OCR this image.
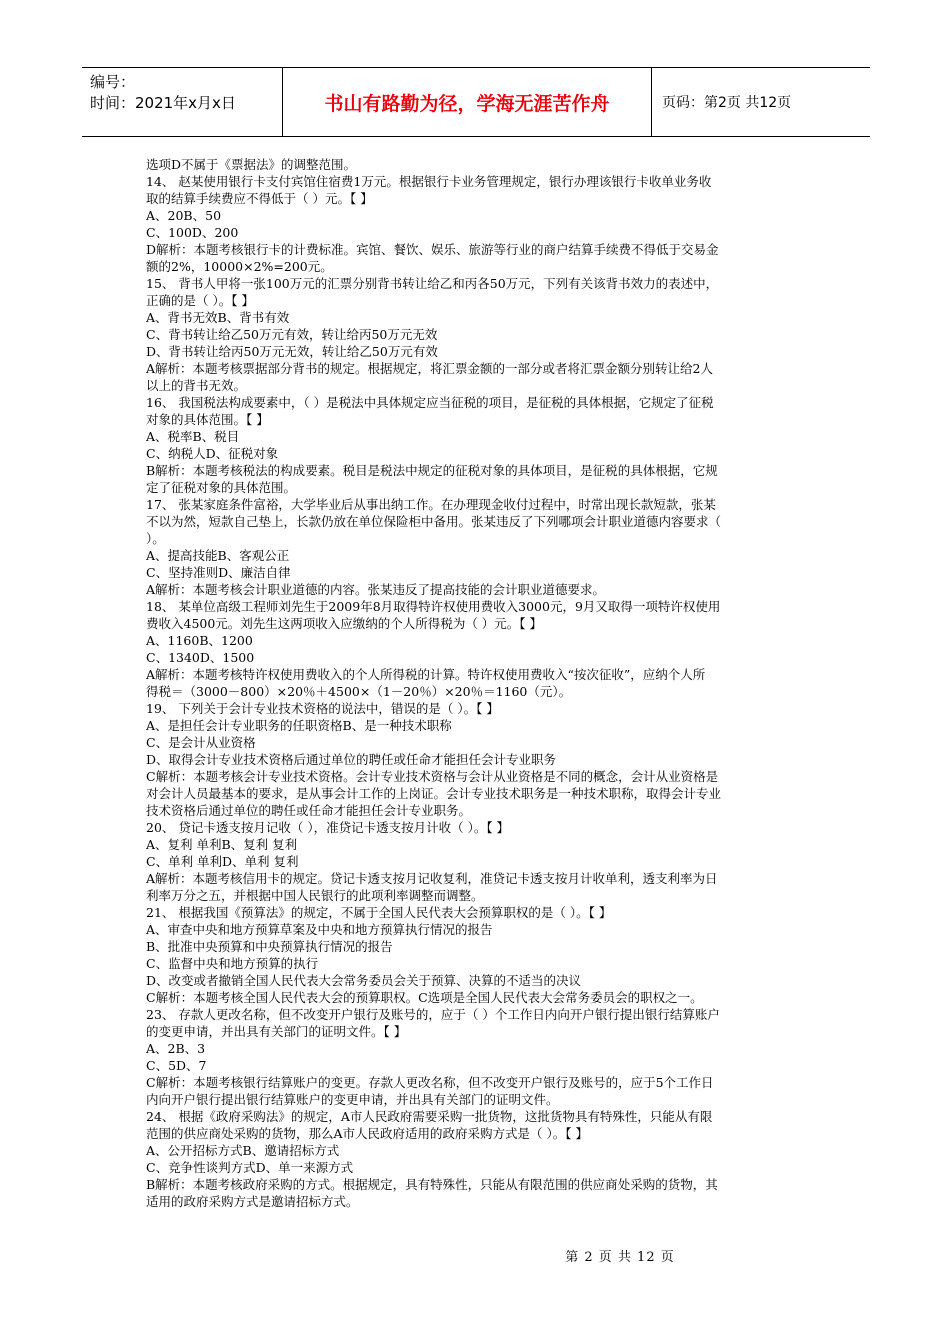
编号：
时间：2021年x月x日	书山有路勤为径，学海无涯苦作舟	页码：第2页 共12页

选项D不属于《票据法》的调整范围。

14、 赵某使用银行卡支付宾馆住宿费1万元。根据银行卡业务管理规定，银行办理该银行卡收单业务收

取的结算手续费应不得低于（ ）元。【 】

A、20B、50

C、100D、200

D解析：本题考核银行卡的计费标准。宾馆、餐饮、娱乐、旅游等行业的商户结算手续费不得低于交易金

额的2%，10000×2%=200元。

15、 背书人甲将一张100万元的汇票分别背书转让给乙和丙各50万元，下列有关该背书效力的表述中，

正确的是（ ）。【 】

A、背书无效B、背书有效

C、背书转让给乙50万元有效，转让给丙50万元无效

D、背书转让给丙50万元无效，转让给乙50万元有效

A解析：本题考核票据部分背书的规定。根据规定，将汇票金额的一部分或者将汇票金额分别转让给2人

以上的背书无效。

16、 我国税法构成要素中，（ ）是税法中具体规定应当征税的项目，是征税的具体根据，它规定了征税

对象的具体范围。【 】

A、税率B、税目

C、纳税人D、征税对象

B解析：本题考核税法的构成要素。税目是税法中规定的征税对象的具体项目，是征税的具体根据，它规

定了征税对象的具体范围。

17、 张某家庭条件富裕，大学毕业后从事出纳工作。在办理现金收付过程中，时常出现长款短款，张某

不以为然，短款自己垫上，长款仍放在单位保险柜中备用。张某违反了下列哪项会计职业道德内容要求（

）。

A、提高技能B、客观公正

C、坚持准则D、廉洁自律

A解析：本题考核会计职业道德的内容。张某违反了提高技能的会计职业道德要求。

18、 某单位高级工程师刘先生于2009年8月取得特许权使用费收入3000元，9月又取得一项特许权使用

费收入4500元。刘先生这两项收入应缴纳的个人所得税为（ ）元。【 】

A、1160B、1200

C、1340D、1500

A解析：本题考核特许权使用费收入的个人所得税的计算。特许权使用费收入“按次征收”，应纳个人所

得税＝（3000－800）×20％＋4500×（1－20％）×20％＝1160（元）。

19、 下列关于会计专业技术资格的说法中，错误的是（ ）。【 】

A、是担任会计专业职务的任职资格B、是一种技术职称

C、是会计从业资格

D、取得会计专业技术资格后通过单位的聘任或任命才能担任会计专业职务

C解析：本题考核会计专业技术资格。会计专业技术资格与会计从业资格是不同的概念，会计从业资格是

对会计人员最基本的要求，是从事会计工作的上岗证。会计专业技术职务是一种技术职称，取得会计专业

技术资格后通过单位的聘任或任命才能担任会计专业职务。

20、 贷记卡透支按月记收（ ），准贷记卡透支按月计收（ ）。【 】

A、复利 单利B、复利 复利

C、单利 单利D、单利 复利

A解析：本题考核信用卡的规定。贷记卡透支按月记收复利，准贷记卡透支按月计收单利，透支利率为日

利率万分之五，并根据中国人民银行的此项利率调整而调整。

21、 根据我国《预算法》的规定，不属于全国人民代表大会预算职权的是（ ）。【 】

A、审查中央和地方预算草案及中央和地方预算执行情况的报告

B、批准中央预算和中央预算执行情况的报告

C、监督中央和地方预算的执行

D、改变或者撤销全国人民代表大会常务委员会关于预算、决算的不适当的决议

C解析：本题考核全国人民代表大会的预算职权。C选项是全国人民代表大会常务委员会的职权之一。

23、 存款人更改名称，但不改变开户银行及账号的，应于（ ）个工作日内向开户银行提出银行结算账户

的变更申请，并出具有关部门的证明文件。【 】

A、2B、3

C、5D、7

C解析：本题考核银行结算账户的变更。存款人更改名称，但不改变开户银行及账号的，应于5个工作日

内向开户银行提出银行结算账户的变更申请，并出具有关部门的证明文件。

24、 根据《政府采购法》的规定，A市人民政府需要采购一批货物，这批货物具有特殊性，只能从有限

范围的供应商处采购的货物，那么A市人民政府适用的政府采购方式是（ ）。【 】

A、公开招标方式B、邀请招标方式

C、竞争性谈判方式D、单一来源方式

B解析：本题考核政府采购的方式。根据规定，具有特殊性，只能从有限范围的供应商处采购的货物，其

适用的政府采购方式是邀请招标方式。

第 2 页 共 12 页
